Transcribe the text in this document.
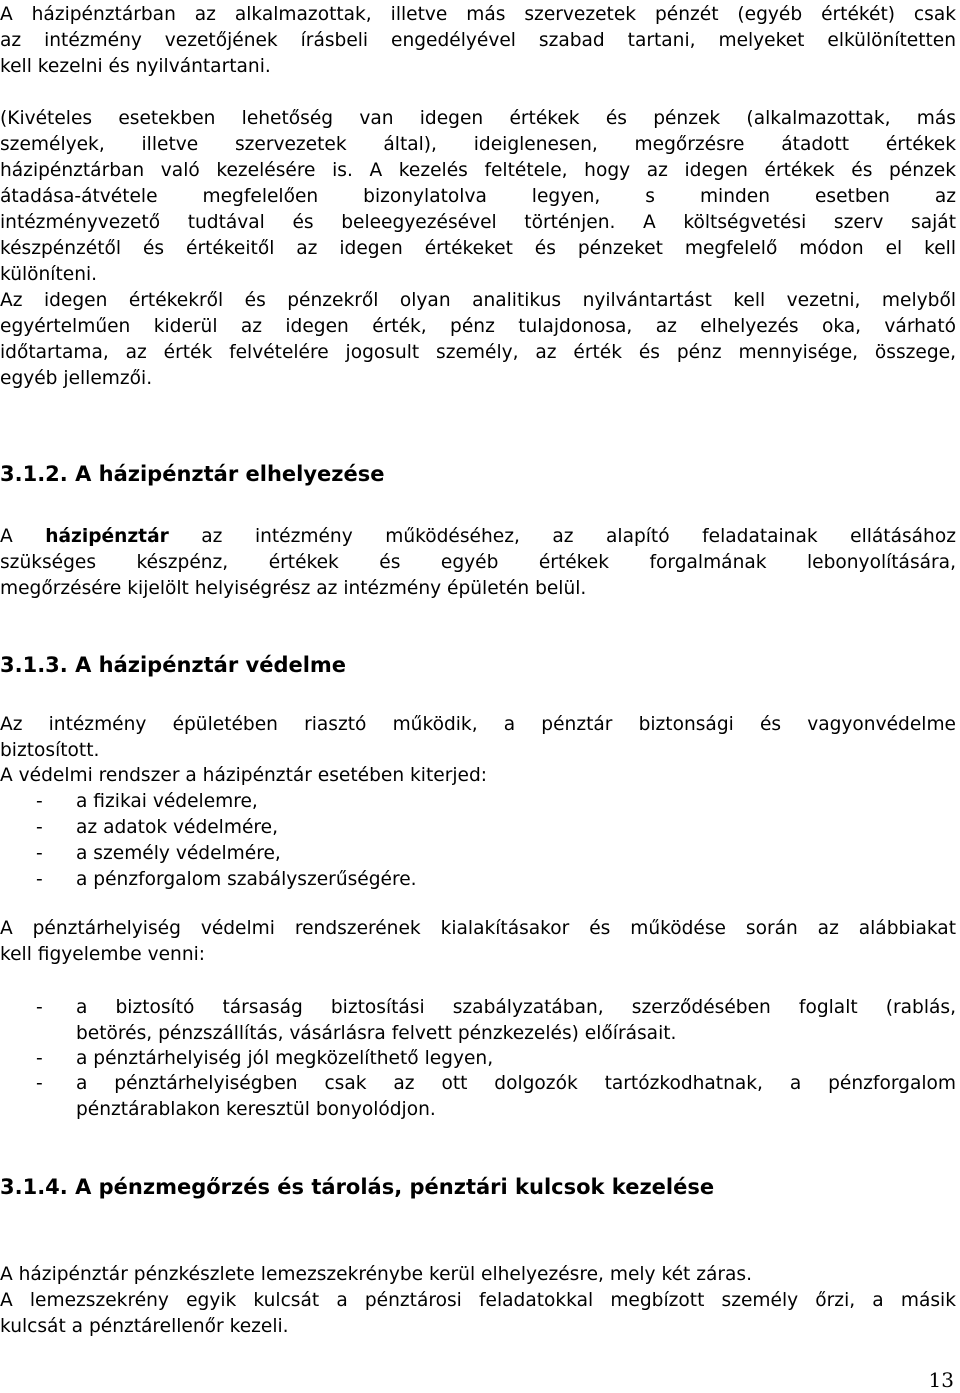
A házipénztárban az alkalmazottak, illetve más szervezetek pénzét (egyéb értékét) csak
az intézmény vezetőjének írásbeli engedélyével szabad tartani, melyeket elkülönítetten
kell kezelni és nyilvántartani.
(Kivételes esetekben lehetőség van idegen értékek és pénzek (alkalmazottak, más
személyek, illetve szervezetek által), ideiglenesen, megőrzésre átadott értékek
házipénztárban való kezelésére is. A kezelés feltétele, hogy az idegen értékek és pénzek
átadása-átvétele megfelelően bizonylatolva legyen, s minden esetben az
intézményvezető tudtával és beleegyezésével történjen. A költségvetési szerv saját
készpénzétől és értékeitől az idegen értékeket és pénzeket megfelelő módon el kell
különíteni.
Az idegen értékekről és pénzekről olyan analitikus nyilvántartást kell vezetni, melyből
egyértelműen kiderül az idegen érték, pénz tulajdonosa, az elhelyezés oka, várható
időtartama, az érték felvételére jogosult személy, az érték és pénz mennyisége, összege,
egyéb jellemzői.
3.1.2. A házipénztár elhelyezése
A házipénztár az intézmény működéséhez, az alapító feladatainak ellátásához
szükséges készpénz, értékek és egyéb értékek forgalmának lebonyolítására,
megőrzésére kijelölt helyiségrész az intézmény épületén belül.
3.1.3. A házipénztár védelme
Az intézmény épületében riasztó működik, a pénztár biztonsági és vagyonvédelme
biztosított.
A védelmi rendszer a házipénztár esetében kiterjed:
- a fizikai védelemre,
- az adatok védelmére,
- a személy védelmére,
- a pénzforgalom szabályszerűségére.
A pénztárhelyiség védelmi rendszerének kialakításakor és működése során az alábbiakat
kell figyelembe venni:
- a biztosító társaság biztosítási szabályzatában, szerződésében foglalt (rablás,
betörés, pénzszállítás, vásárlásra felvett pénzkezelés) előírásait.
- a pénztárhelyiség jól megközelíthető legyen,
- a pénztárhelyiségben csak az ott dolgozók tartózkodhatnak, a pénzforgalom
pénztárablakon keresztül bonyolódjon.
3.1.4. A pénzmegőrzés és tárolás, pénztári kulcsok kezelése
A házipénztár pénzkészlete lemezszekrénybe kerül elhelyezésre, mely két záras.
A lemezszekrény egyik kulcsát a pénztárosi feladatokkal megbízott személy őrzi, a másik
kulcsát a pénztárellenőr kezeli.
13
